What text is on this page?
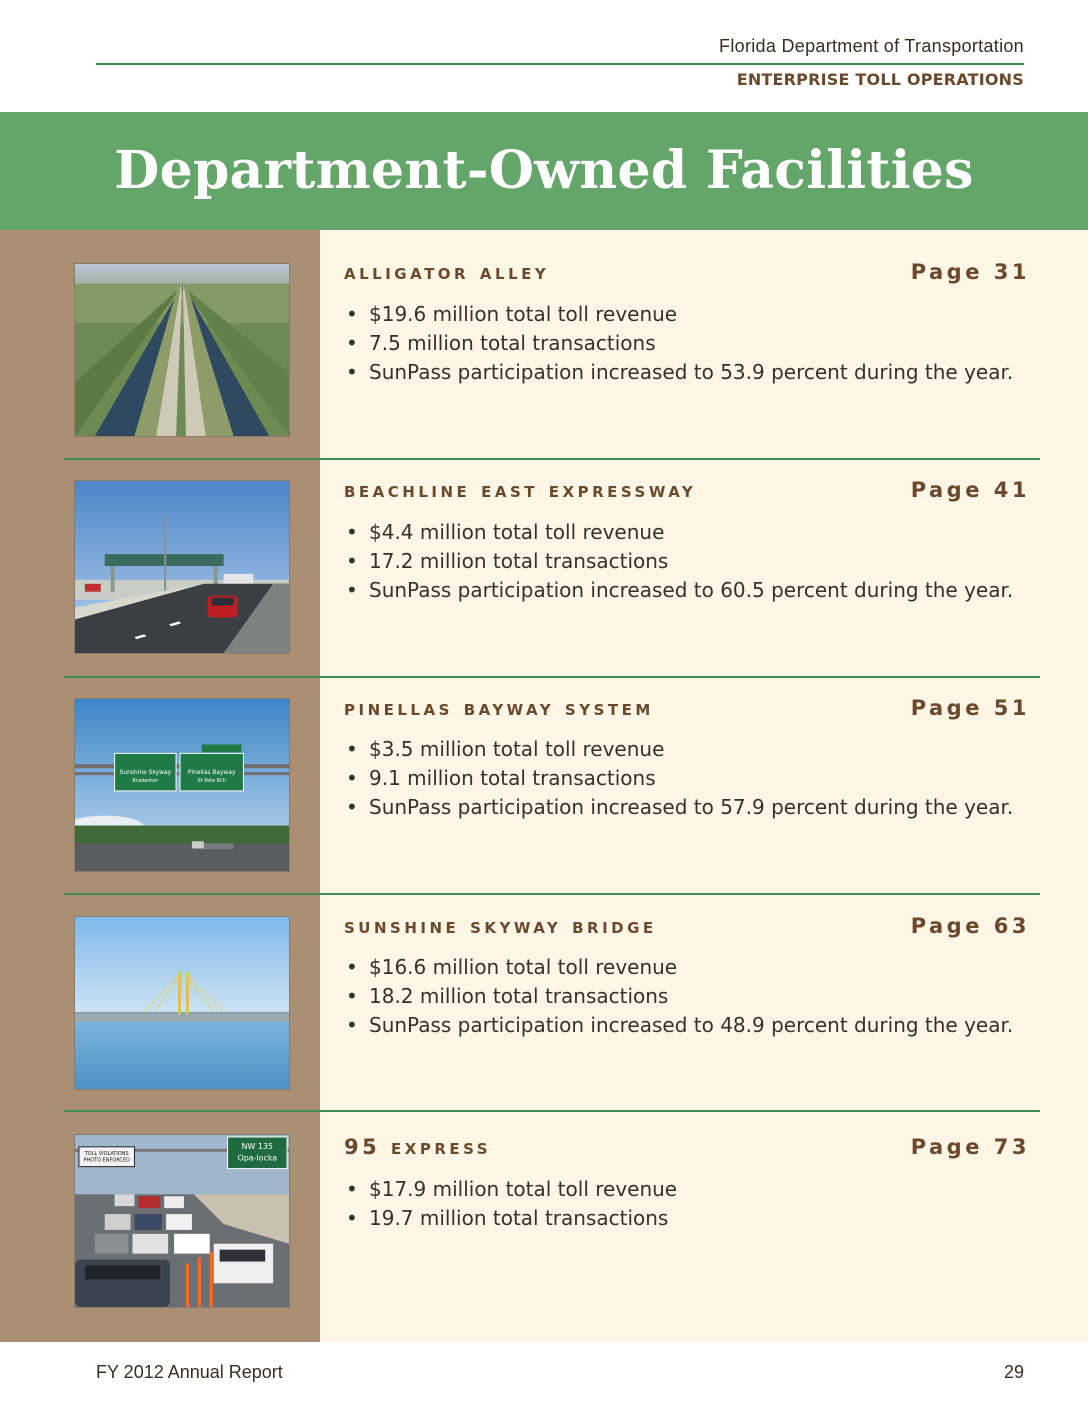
Florida Department of Transportation
ENTERPRISE TOLL OPERATIONS
Department-Owned Facilities
Sunshine Skyway
Bradenton
Pinellas Bayway
St Pete Bch
TOLL VIOLATIONS
PHOTO ENFORCED
NW 135
Opa-locka
alligator alley	Page 31
• $19.6 million total toll revenue
• 7.5 million total transactions
• SunPass participation increased to 53.9 percent during the year.
beachline east expressway	Page 41
• $4.4 million total toll revenue
• 17.2 million total transactions
• SunPass participation increased to 60.5 percent during the year.
pinellas bayway system	Page 51
• $3.5 million total toll revenue
• 9.1 million total transactions
• SunPass participation increased to 57.9 percent during the year.
sunshine skyway bridge	Page 63
• $16.6 million total toll revenue
• 18.2 million total transactions
• SunPass participation increased to 48.9 percent during the year.
95 express	Page 73
• $17.9 million total toll revenue
• 19.7 million total transactions
FY 2012 Annual Report	29
